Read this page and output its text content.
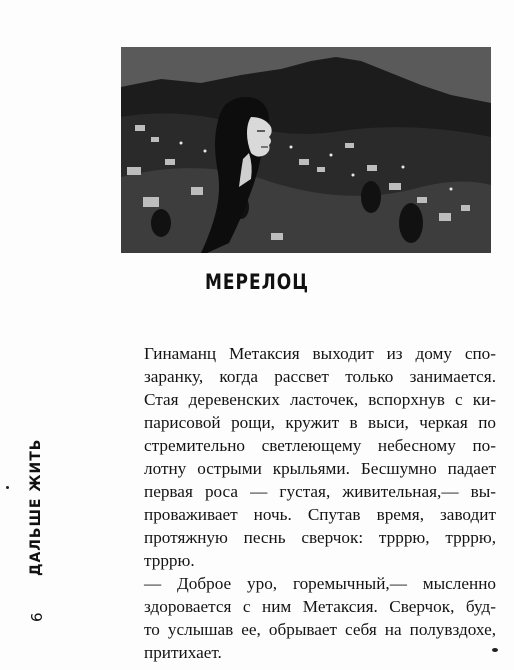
МЕРЕЛОЦ

Гинаманц Метаксия выходит из дому спо-
заранку, когда рассвет только занимается.
Стая деревенских ласточек, вспорхнув с ки-
парисовой рощи, кружит в выси, черкая по
стремительно светлеющему небесному по-
лотну острыми крыльями. Бесшумно падает
первая роса — густая, живительная,— вы-
проваживает ночь. Спутав время, заводит
протяжную песнь сверчок: трррю, трррю,
трррю.

— Доброе уро, горемычный,— мысленно
здоровается с ним Метаксия. Сверчок, буд-
то услышав ее, обрывает себя на полувздохе,
притихает.

ДАЛЬШЕ ЖИТЬ
6
